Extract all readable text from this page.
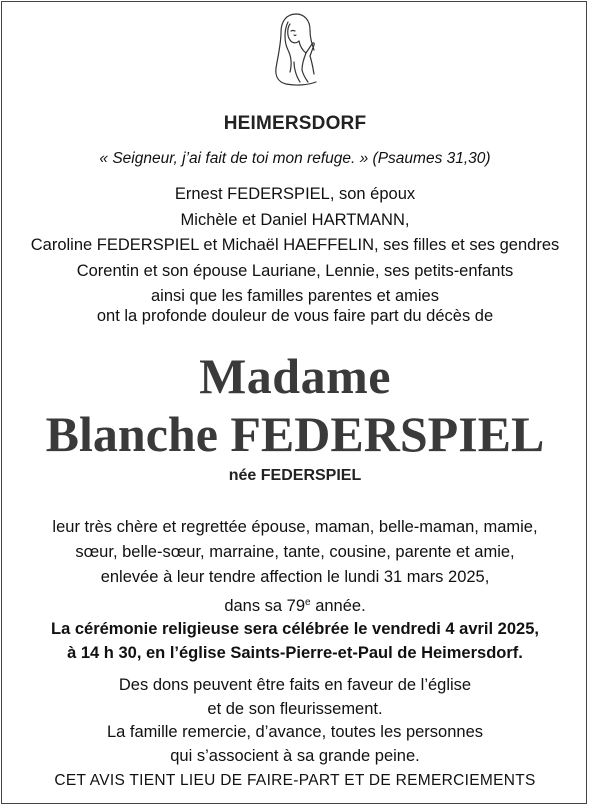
HEIMERSDORF
« Seigneur, j’ai fait de toi mon refuge. » (Psaumes 31,30)
Ernest FEDERSPIEL, son époux
Michèle et Daniel HARTMANN,
Caroline FEDERSPIEL et Michaël HAEFFELIN, ses filles et ses gendres
Corentin et son épouse Lauriane, Lennie, ses petits-enfants
ainsi que les familles parentes et amies
ont la profonde douleur de vous faire part du décès de
Madame
Blanche FEDERSPIEL
née FEDERSPIEL
leur très chère et regrettée épouse, maman, belle-maman, mamie,
sœur, belle-sœur, marraine, tante, cousine, parente et amie,
enlevée à leur tendre affection le lundi 31 mars 2025,
dans sa 79e année.
La cérémonie religieuse sera célébrée le vendredi 4 avril 2025,
à 14 h 30, en l’église Saints-Pierre-et-Paul de Heimersdorf.
Des dons peuvent être faits en faveur de l’église
et de son fleurissement.
La famille remercie, d’avance, toutes les personnes
qui s’associent à sa grande peine.
CET AVIS TIENT LIEU DE FAIRE-PART ET DE REMERCIEMENTS
